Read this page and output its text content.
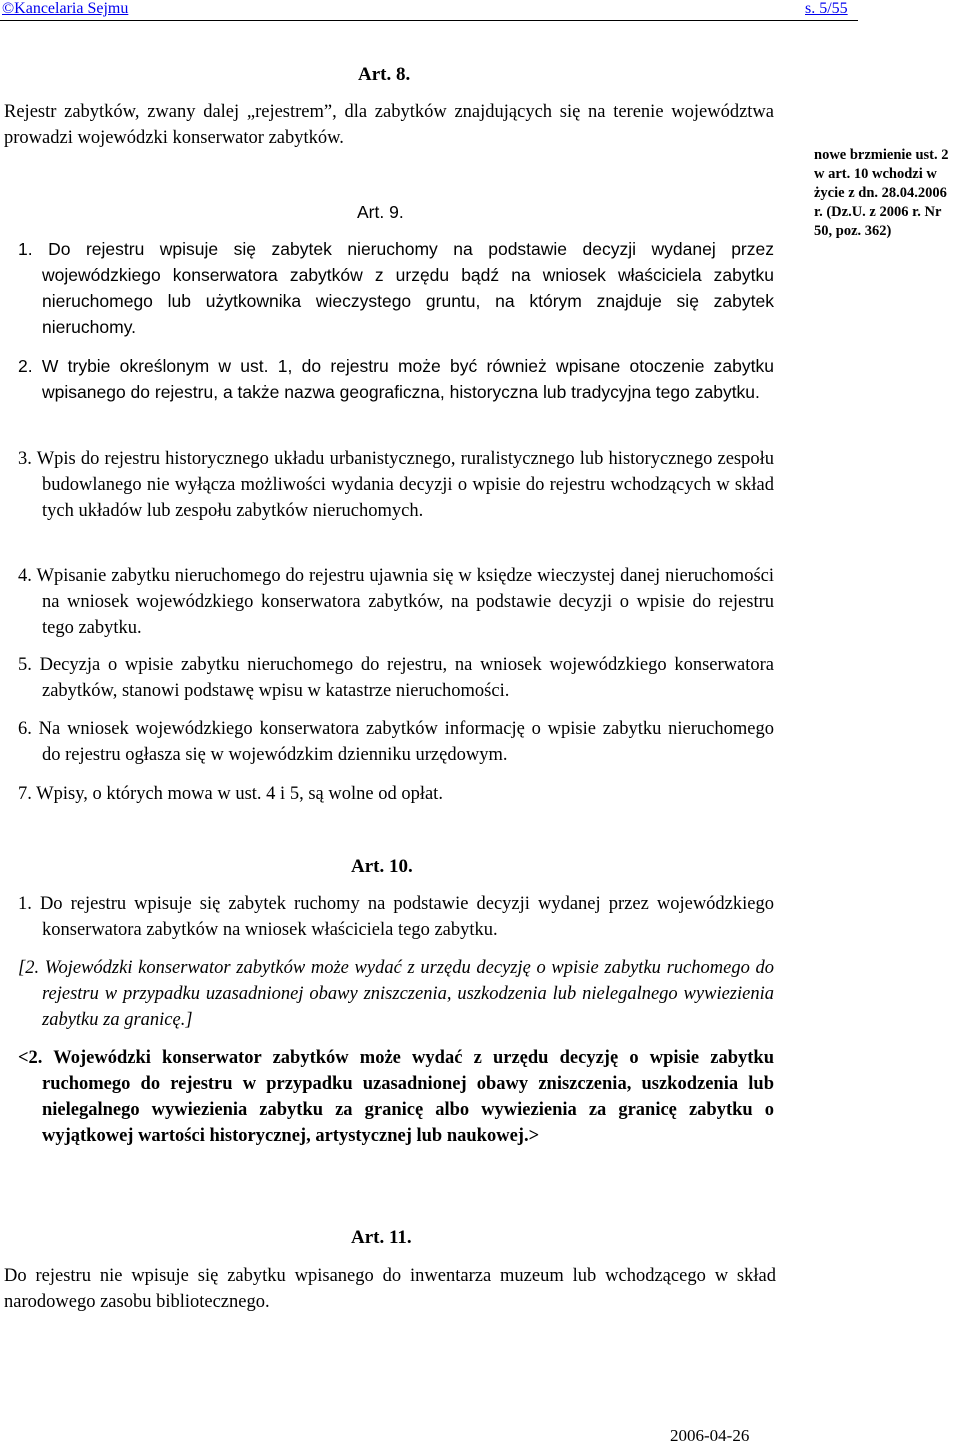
©Kancelaria Sejmu	s. 5/55
Art. 8.
Rejestr zabytków, zwany dalej „rejestrem”, dla zabytków znajdujących się na terenie województwa prowadzi wojewódzki konserwator zabytków.
Art. 9.
1. Do rejestru wpisuje się zabytek nieruchomy na podstawie decyzji wydanej przez wojewódzkiego konserwatora zabytków z urzędu bądź na wniosek właściciela zabytku nieruchomego lub użytkownika wieczystego gruntu, na którym znajduje się zabytek nieruchomy.
2. W trybie określonym w ust. 1, do rejestru może być również wpisane otoczenie zabytku wpisanego do rejestru, a także nazwa geograficzna, historyczna lub tradycyjna tego zabytku.
3. Wpis do rejestru historycznego układu urbanistycznego, ruralistycznego lub historycznego zespołu budowlanego nie wyłącza możliwości wydania decyzji o wpisie do rejestru wchodzących w skład tych układów lub zespołu zabytków nieruchomych.
4. Wpisanie zabytku nieruchomego do rejestru ujawnia się w księdze wieczystej danej nieruchomości na wniosek wojewódzkiego konserwatora zabytków, na podstawie decyzji o wpisie do rejestru tego zabytku.
5. Decyzja o wpisie zabytku nieruchomego do rejestru, na wniosek wojewódzkiego konserwatora zabytków, stanowi podstawę wpisu w katastrze nieruchomości.
6. Na wniosek wojewódzkiego konserwatora zabytków informację o wpisie zabytku nieruchomego do rejestru ogłasza się w wojewódzkim dzienniku urzędowym.
7. Wpisy, o których mowa w ust. 4 i 5, są wolne od opłat.
Art. 10.
1. Do rejestru wpisuje się zabytek ruchomy na podstawie decyzji wydanej przez wojewódzkiego konserwatora zabytków na wniosek właściciela tego zabytku.
[2. Wojewódzki konserwator zabytków może wydać z urzędu decyzję o wpisie zabytku ruchomego do rejestru w przypadku uzasadnionej obawy zniszczenia, uszkodzenia lub nielegalnego wywiezienia zabytku za granicę.]
<2. Wojewódzki konserwator zabytków może wydać z urzędu decyzję o wpisie zabytku ruchomego do rejestru w przypadku uzasadnionej obawy zniszczenia, uszkodzenia lub nielegalnego wywiezienia zabytku za granicę albo wywiezienia za granicę zabytku o wyjątkowej wartości historycznej, artystycznej lub naukowej.>
Art. 11.
Do rejestru nie wpisuje się zabytku wpisanego do inwentarza muzeum lub wchodzącego w skład narodowego zasobu bibliotecznego.
nowe brzmienie ust. 2 w art. 10 wchodzi w życie z dn. 28.04.2006 r. (Dz.U. z 2006 r. Nr 50, poz. 362)
2006-04-26
